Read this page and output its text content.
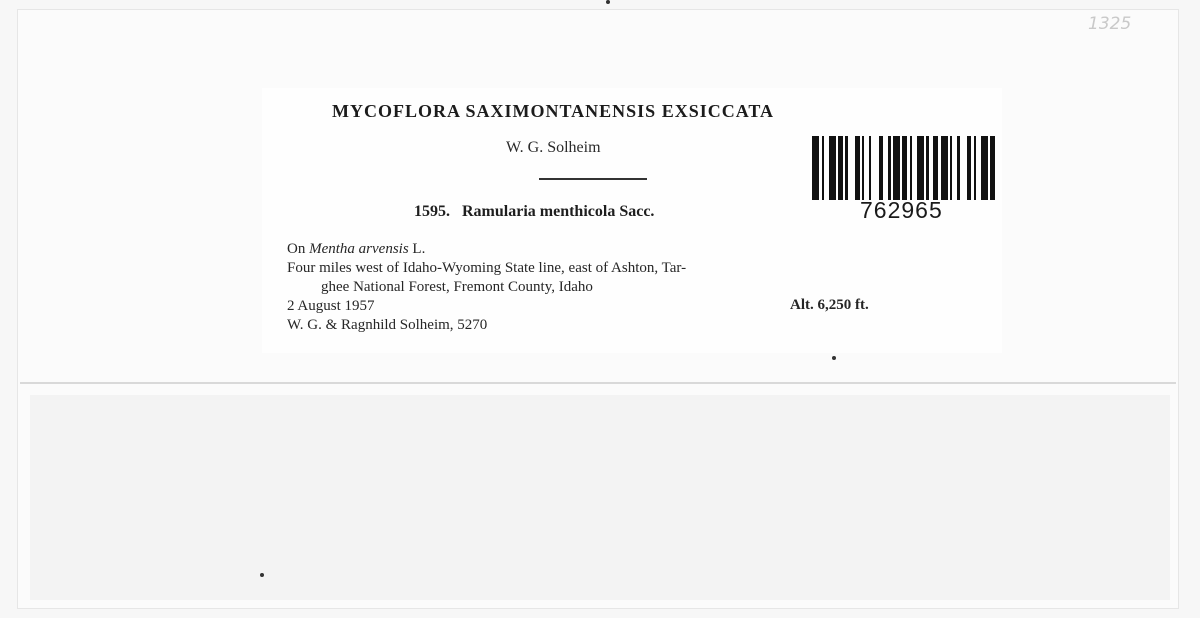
MYCOFLORA SAXIMONTANENSIS EXSICCATA
W. G. Solheim
1595. Ramularia menthicola Sacc.
On Mentha arvensis L.
Four miles west of Idaho-Wyoming State line, east of Ashton, Tar-
ghee National Forest, Fremont County, Idaho
2 August 1957
W. G. & Ragnhild Solheim, 5270
Alt. 6,250 ft.
762965
1325
